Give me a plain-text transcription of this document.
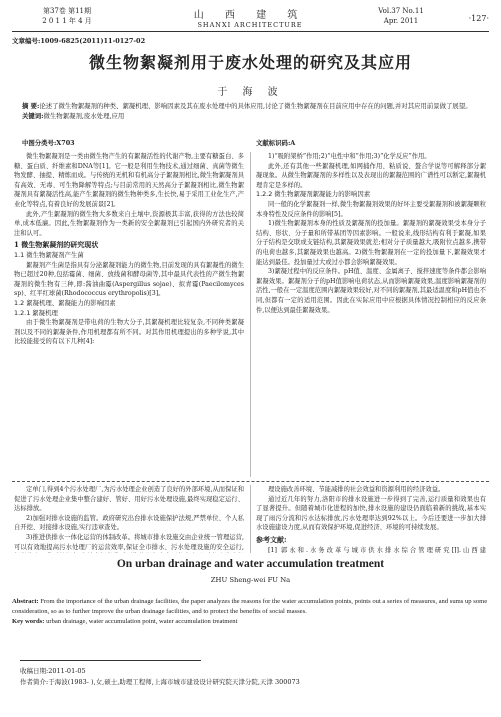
第37卷 第11期
2 0 1 1 年 4 月	山 西 建 筑
SHANXI ARCHITECTURE
Vol.37 No.11
Apr. 2011	·127·
文章编号:1009-6825(2011)11-0127-02
微生物絮凝剂用于废水处理的研究及其应用
于 海 波
摘 要:论述了微生物絮凝剂的种类、絮凝机理、影响因素及其在废水处理中的具体应用,讨论了微生物絮凝剂在目前应用中存在的问题,并对其应用前景做了展望。
关键词:微生物絮凝剂,废水处理,应用
中图分类号:X703	文献标识码:A

微生物絮凝剂是一类由微生物产生的有絮凝活性的代谢产物,主要有糖蛋白、多糖、蛋白质、纤维素和DNA等[1]。它一般是利用生物技术,通过细菌、真菌等微生物发酵、抽提、精炼而成。与传统的无机和有机高分子絮凝剂相比,微生物絮凝剂具有高效、无毒、可生物降解等特点;与目前常用的天然高分子絮凝剂相比,微生物絮凝剂具有絮凝活性高,能产生絮凝剂的微生物种类多,生长快,易于采用工业化生产,产业化等特点,有着良好的发展前景[2]。

此外,产生絮凝剂的微生物大多数来自土壤中,资源极其丰富,获得的方法也较简单,成本低廉。因此,生物絮凝剂作为一类新的安全絮凝剂已引起国内外研究者的关注和认可。

1 微生物絮凝剂的研究现状

1.1 微生物絮凝剂产生菌

絮凝剂产生菌是指具有分泌絮凝剂能力的微生物,目前发现的具有絮凝性的微生物已超过20种,包括霉菌、细菌、放线菌和酵母菌等,其中最具代表性的产微生物絮凝剂的微生物有三种,即:酱油曲霉(Aspergillus sojae)、拟青霉(Paecilomyces sp)、红平红球菌(Rhodococcus erythropolis)[3]。

1.2 絮凝机理、絮凝能力的影响因素

1.2.1 絮凝机理

由于微生物絮凝剂是带电荷的生物大分子,其絮凝机理比较复杂,不同种类絮凝剂以及不同的絮凝条件,作用机理都有所不同。对其作用机理提出的多种学说,其中比较能接受的有以下几种[4]:

1)“吸附架桥”作用;2)“电性中和”作用;3)“化学反应”作用。

此外,还有其他一些絮凝机理,如网捕作用、粘质说、螯合学说等可解释部分絮凝现象。从微生物絮凝剂的多样性以及表现出的絮凝范围的广谱性可以断定,絮凝机理肯定是多样的。

1.2.2 微生物絮凝剂絮凝能力的影响因素

同一般的化学絮凝剂一样,微生物絮凝剂效果的好坏主要受絮凝剂和被絮凝颗粒本身特性及反应条件的影响[5]。

1)微生物絮凝剂本身的性质及絮凝剂的投加量。絮凝剂的絮凝效果受本身分子结构、形状、分子量和所带基团等因素影响。一般说来,线形结构有利于絮凝,如果分子结构是交联或支链结构,其絮凝效果就差;相对分子质量越大,吸附位点越多,携带的电荷也越多,其絮凝效果也越高。2)微生物絮凝剂在一定的投加量下,絮凝效果才能达到最佳。投加量过大或过小都会影响絮凝效果。

3)絮凝过程中的反应条件。pH值、温度、金属离子、搅拌速度等条件都会影响絮凝效果。絮凝剂分子的pH值影响电荷状态,从而影响絮凝效果,温度影响絮凝剂的活性,一般在一定温度范围内絮凝效果较好,对不同的絮凝剂,其最适温度和pH值也不同,但都有一定的适用范围。因此在实际应用中应根据具体情况控制相应的反应条件,以便达到最佳絮凝效果。

定单门,得到4个污水处理厂,为污水处理企业创造了良好的外部环境,从而保证和促进了污水处理企业集中整合建好、管好、用好污水处理设施,最终实现稳定运行、达标排放。

2)加强对排水设施的监管。政府研究出台排水设施保护法规,严禁单位、个人私自开挖、对接排水设施,实行违章查处。

3)推进供排水一体化运营的体制改革。将城市排水设施交由企业统一管理运营,可以有效地提高污水处理厂的运营效率,保证全市排水、污水处理设施的安全运行,

理设施改善环境、节能减排的社会效益和资源利用的经济效益。

通过近几年的努力,洛阳市的排水设施进一步得到了完善,运行质量和效果也有了显著提升。但随着城市化进程的加快,排水设施的建设仍面临着新的挑战,基本实现了雨污分流和污水达标排放,污水处理率达到92%以上。今后还要进一步加大排水设施建设力度,从而有效保护环境,促进经济、环境的可持续发展。

参考文献:

[1] 郭永和.水务改革与城市供水排水综合管理研究[J].山西建

On urban drainage and water accumulation treatment
ZHU Sheng-wei FU Na
Abstract: From the importance of the urban drainage facilities, the paper analyzes the reasons for the water accumulation points, points out a series of measures, and sums up some consideration, so as to further improve the urban drainage facilities, and to protect the benefits of social masses.
Key words: urban drainage, water accumulation point, water accumulation treatment
收稿日期:2011-01-05
作者简介:于海波(1983- ),女,硕士,助理工程师,上海市城市建设设计研究院天津分院,天津 300073
